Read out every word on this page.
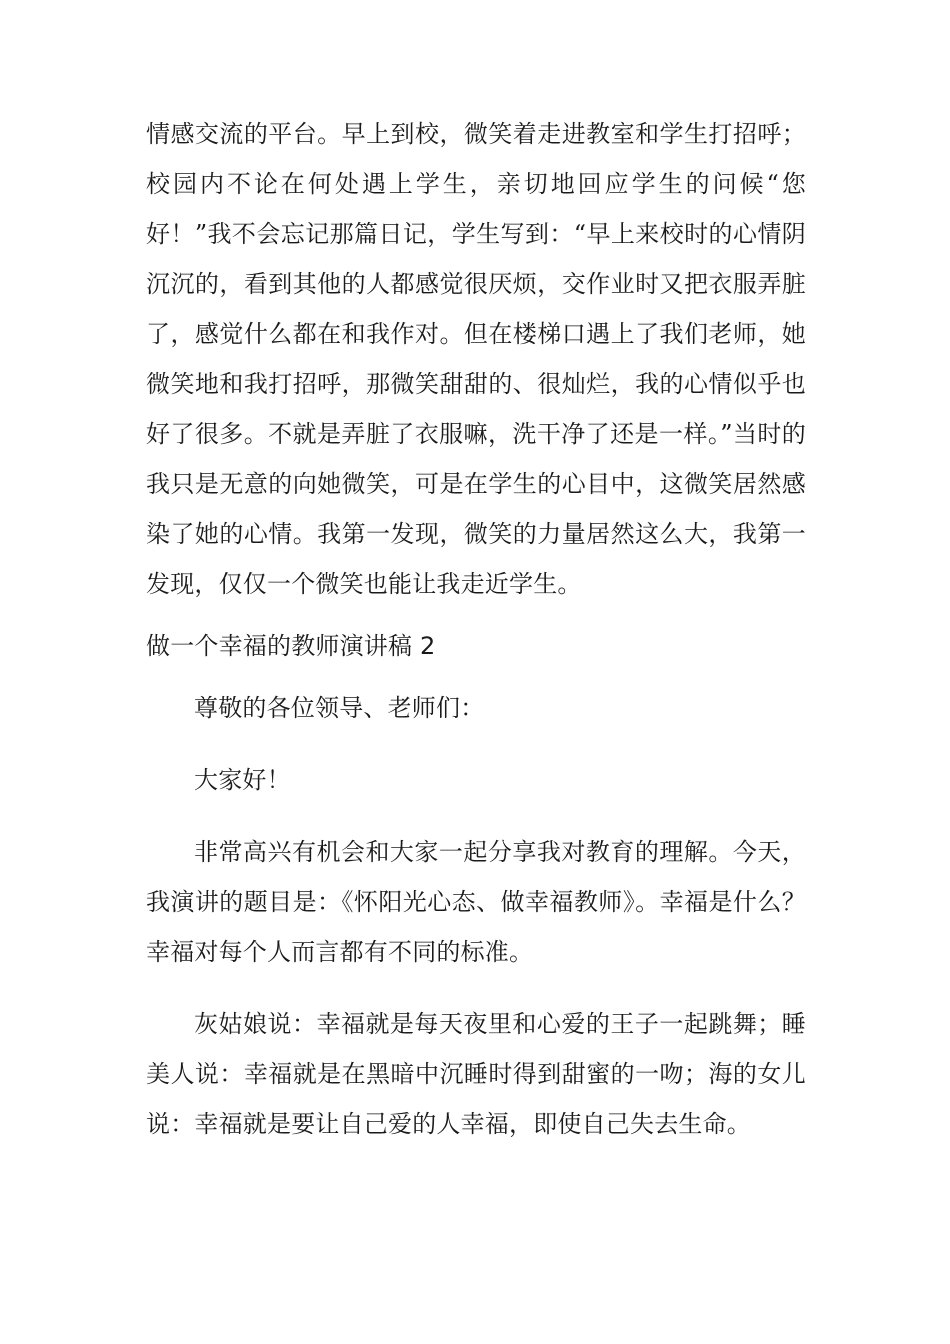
情感交流的平台。早上到校，微笑着走进教室和学生打招呼；校园内不论在何处遇上学生，亲切地回应学生的问候“您好！”我不会忘记那篇日记，学生写到：“早上来校时的心情阴沉沉的，看到其他的人都感觉很厌烦，交作业时又把衣服弄脏了，感觉什么都在和我作对。但在楼梯口遇上了我们老师，她微笑地和我打招呼，那微笑甜甜的、很灿烂，我的心情似乎也好了很多。不就是弄脏了衣服嘛，洗干净了还是一样。”当时的我只是无意的向她微笑，可是在学生的心目中，这微笑居然感染了她的心情。我第一发现，微笑的力量居然这么大，我第一发现，仅仅一个微笑也能让我走近学生。

做一个幸福的教师演讲稿 2

尊敬的各位领导、老师们：

大家好！

非常高兴有机会和大家一起分享我对教育的理解。今天，我演讲的题目是：《怀阳光心态、做幸福教师》。幸福是什么？幸福对每个人而言都有不同的标准。

灰姑娘说：幸福就是每天夜里和心爱的王子一起跳舞；睡美人说：幸福就是在黑暗中沉睡时得到甜蜜的一吻；海的女儿说：幸福就是要让自己爱的人幸福，即使自己失去生命。
